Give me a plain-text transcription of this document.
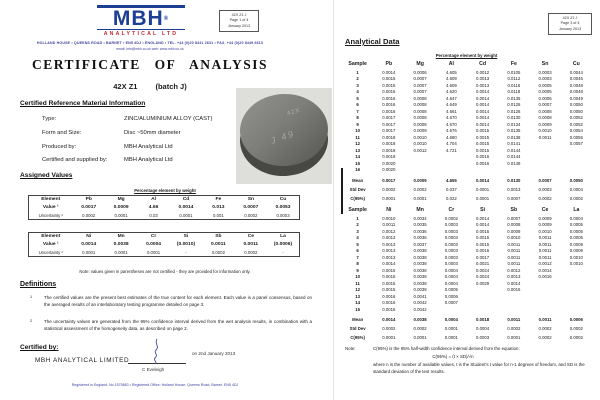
MBH®
ANALYTICAL LTD
42X Z1 J
Page 1 of 4
January 2013
HOLLAND HOUSE • QUEENS ROAD • BARNET • EN5 4DJ • ENGLAND • TEL. +44 (0)20 8441 2631 • FAX. +44 (0)20 8449 6613
email: info@mbh.co.uk web: www.mbh.co.uk
CERTIFICATE OF ANALYSIS
42X Z1 (batch J)
Certified Reference Material Information
Type:	ZINC/ALUMINIUM ALLOY (CAST)
Form and Size:	Disc ~50mm diameter
Produced by:	MBH Analytical Ltd
Certified and supplied by:	MBH Analytical Ltd
42X
J 49
Assigned Values
Percentage element by weight
Element	Pb	Mg	Al	Cd	Fe	Sn	Cu
Value ¹	0.0017	0.0009	4.66	0.0014	0.013	0.0007	0.0053
Uncertainty ²	0.0002	0.0001	0.03	0.0001	0.001	0.0002	0.0003
Element	Ni	Mn	Cr	Si	Sb	Ce	La
Value ¹	0.0014	0.0038	0.0004	(0.0010)	0.0011	0.0011	(0.0006)
Uncertainty ²	0.0001	0.0001	0.0001	-	0.0002	0.0002	-
Note: values given in parentheses are not certified - they are provided for information only.
Definitions
1	The certified values are the present best estimates of the true content for each element. Each value is a panel consensus, based on the averaged results of an interlaboratory testing programme detailed on page 3.
2	The uncertainty values are generated from the 95% confidence interval derived from the wet analysis results, in combination with a statistical assessment of the homogeneity data, as described on page 2.
Certified by:
MBH ANALYTICAL LIMITED
C Eveleigh
on 2nd January 2013
Registered in England. No 1575883 • Registered Office: Holland House, Queens Road, Barnet, EN5 4DJ
42X Z1 J
Page 3 of 4
January 2013
Analytical Data
Percentage element by weight
Sample	Pb	Mg	Al	Cd	Fe	Sn	Cu
1	0.0014	0.0006	4.605	0.0012	0.0105	0.0003	0.0044
2	0.0015	0.0007	4.609	0.0013	0.0112	0.0003	0.0046
3	0.0015	0.0007	4.609	0.0013	0.0116	0.0005	0.0048
4	0.0016	0.0007	4.620	0.0014	0.0118	0.0005	0.0048
5	0.0016	0.0008	4.647	0.0014	0.0135	0.0006	0.0049
6	0.0016	0.0008	4.649	0.0014	0.0126	0.0007	0.0050
7	0.0016	0.0008	4.661	0.0014	0.0126	0.0008	0.0050
8	0.0017	0.0008	4.670	0.0014	0.0130	0.0008	0.0052
9	0.0017	0.0008	4.670	0.0014	0.0134	0.0009	0.0052
10	0.0017	0.0009	4.676	0.0015	0.0135	0.0010	0.0054
11	0.0018	0.0010	4.680	0.0015	0.0138	0.0011	0.0055
12	0.0018	0.0010	4.704	0.0015	0.0141		0.0057
13	0.0018	0.0012	4.721	0.0015	0.0144		
14	0.0019			0.0016	0.0144		
15	0.0020			0.0016	0.0149		
16	0.0020						
Mean	0.0017	0.0009	4.655	0.0014	0.0130	0.0007	0.0050
Std Dev	0.0002	0.0002	0.037	0.0001	0.0013	0.0003	0.0004
C(95%)	0.0001	0.0001	0.022	0.0001	0.0007	0.0002	0.0002
Sample	Ni	Mn	Cr	Si	Sb	Ce	La
1	0.0010	0.0034	0.0002	0.0014	0.0007	0.0009	0.0004
2	0.0011	0.0035	0.0003	0.0014	0.0008	0.0009	0.0005
3	0.0012	0.0036	0.0003	0.0015	0.0009	0.0010	0.0005
4	0.0013	0.0036	0.0003	0.0015	0.0010	0.0011	0.0005
5	0.0013	0.0037	0.0003	0.0015	0.0011	0.0011	0.0009
6	0.0013	0.0038	0.0003	0.0016	0.0011	0.0011	0.0009
7	0.0013	0.0038	0.0003	0.0017	0.0011	0.0011	0.0010
8	0.0014	0.0038	0.0003	0.0021	0.0011	0.0012	0.0010
9	0.0015	0.0038	0.0004	0.0024	0.0012	0.0014	
10	0.0015	0.0038	0.0004	0.0024	0.0013	0.0016	
11	0.0015	0.0038	0.0004	0.0029	0.0014		
12	0.0015	0.0038	0.0005		0.0015		
13	0.0016	0.0041	0.0006				
14	0.0016	0.0042	0.0007				
15	0.0016	0.0042					
Mean	0.0014	0.0038	0.0004	0.0018	0.0011	0.0011	0.0006
Std Dev	0.0002	0.0002	0.0001	0.0004	0.0002	0.0002	0.0002
C(95%)	0.0001	0.0001	0.0001	0.0003	0.0001	0.0002	0.0002
Note:	C(95%) is the 95% half-width confidence interval derived from the equation:
C(95%) = (t × SD)/√n
where n is the number of available values, t is the Student's t value for n-1 degrees of freedom, and SD is the standard deviation of the test results.
